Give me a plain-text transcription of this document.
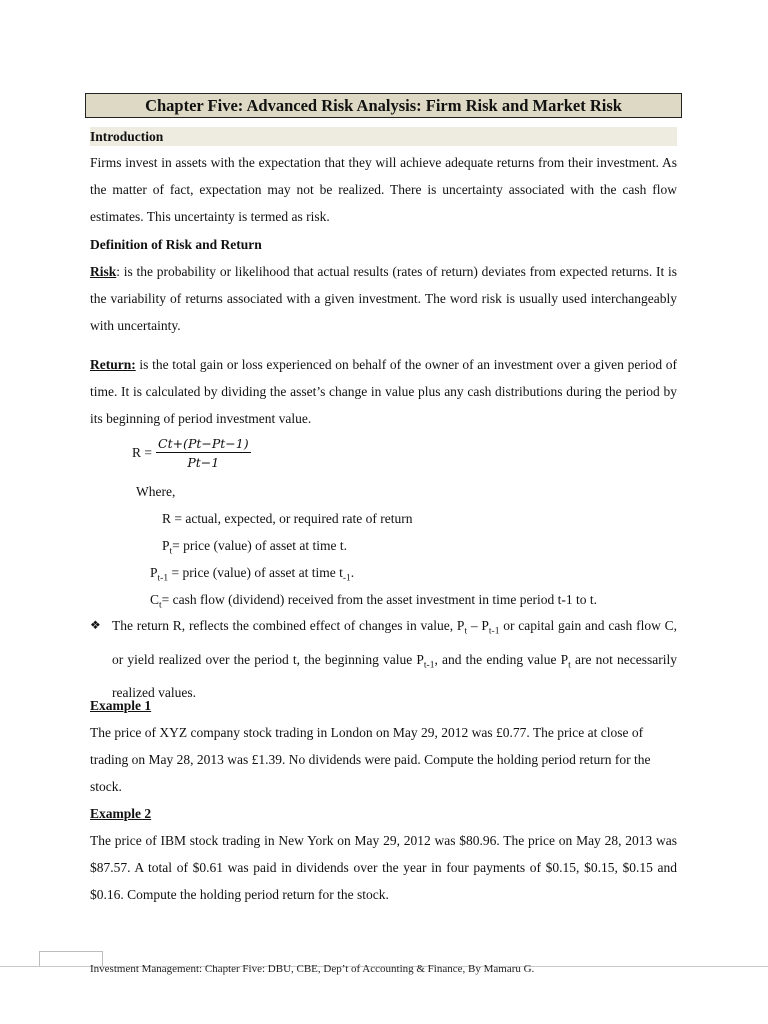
Chapter Five: Advanced Risk Analysis: Firm Risk and Market Risk
Introduction

Firms invest in assets with the expectation that they will achieve adequate returns from their investment. As the matter of fact, expectation may not be realized. There is uncertainty associated with the cash flow estimates. This uncertainty is termed as risk.

Definition of Risk and Return

Risk: is the probability or likelihood that actual results (rates of return) deviates from expected returns. It is the variability of returns associated with a given investment. The word risk is usually used interchangeably with uncertainty.

Return: is the total gain or loss experienced on behalf of the owner of an investment over a given period of time. It is calculated by dividing the asset’s change in value plus any cash distributions during the period by its beginning of period investment value.

$R = \frac{Ct+(Pt-Pt-1)}{Pt-1}$
Where,
R = actual, expected, or required rate of return
$P_t=$ price (value) of asset at time t.
$P_{t-1}$ = price (value) of asset at time $t_{-1}$.
$C_t=$ cash flow (dividend) received from the asset investment in time period t-1 to t.
❖ The return R, reflects the combined effect of changes in value, $P_t - P_{t-1}$ or capital gain and cash flow C, or yield realized over the period t, the beginning value $P_{t-1}$, and the ending value $P_t$ are not necessarily realized values.

Example 1

The price of XYZ company stock trading in London on May 29, 2012 was £0.77. The price at close of trading on May 28, 2013 was £1.39. No dividends were paid. Compute the holding period return for the stock.

Example 2

The price of IBM stock trading in New York on May 29, 2012 was $80.96. The price on May 28, 2013 was $87.57. A total of $0.61 was paid in dividends over the year in four payments of $0.15, $0.15, $0.15 and $0.16. Compute the holding period return for the stock.

Investment Management: Chapter Five: DBU, CBE, Dep’t of Accounting & Finance, By Mamaru G.
